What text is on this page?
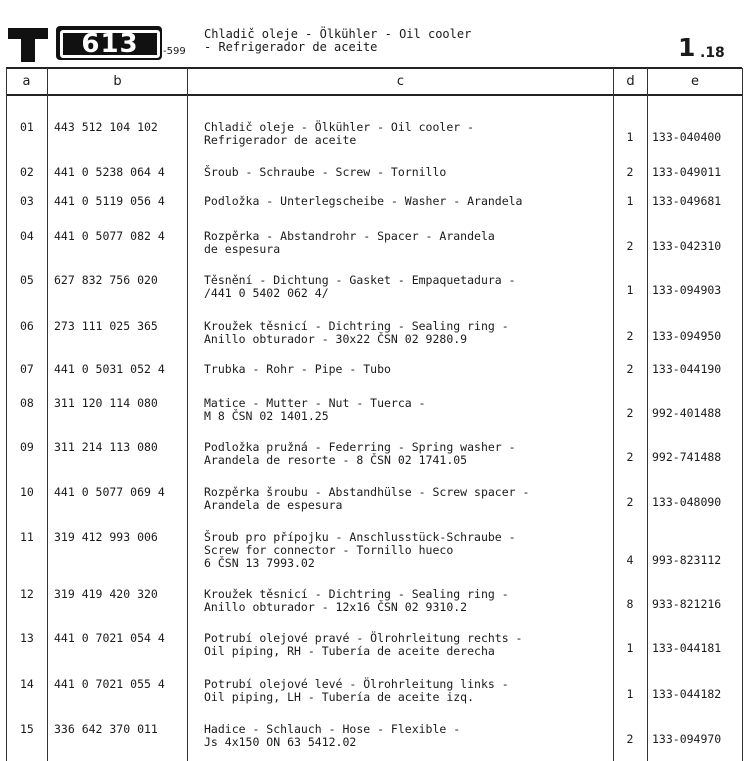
613	-599
Chladič oleje - Ölkühler - Oil cooler
- Refrigerador de aceite	1 .18
a	b	c	d	e
01 443 512 104 102	Chladič oleje - Ölkühler - Oil cooler -
Refrigerador de aceite	1	133-040400
02 441 0 5238 064 4	Šroub - Schraube - Screw - Tornillo	2	133-049011
03 441 0 5119 056 4	Podložka - Unterlegscheibe - Washer - Arandela	1	133-049681
04 441 0 5077 082 4	Rozpěrka - Abstandrohr - Spacer - Arandela
de espesura	2	133-042310
05 627 832 756 020	Těsnění - Dichtung - Gasket - Empaquetadura -
/441 0 5402 062 4/	1	133-094903
06 273 111 025 365	Kroužek těsnicí - Dichtring - Sealing ring -
Anillo obturador - 30x22 ČSN 02 9280.9	2	133-094950
07 441 0 5031 052 4	Trubka - Rohr - Pipe - Tubo	2	133-044190
08 311 120 114 080	Matice - Mutter - Nut - Tuerca -
M 8 ČSN 02 1401.25	2	992-401488
09 311 214 113 080	Podložka pružná - Federring - Spring washer -
Arandela de resorte - 8 ČSN 02 1741.05	2	992-741488
10 441 0 5077 069 4	Rozpěrka šroubu - Abstandhülse - Screw spacer -
Arandela de espesura	2	133-048090
11 319 412 993 006	Šroub pro přípojku - Anschlusstück-Schraube -
Screw for connector - Tornillo hueco
6 ČSN 13 7993.02	4	993-823112
12 319 419 420 320	Kroužek těsnicí - Dichtring - Sealing ring -
Anillo obturador - 12x16 ČSN 02 9310.2	8	933-821216
13 441 0 7021 054 4	Potrubí olejové pravé - Ölrohrleitung rechts -
Oil piping, RH - Tubería de aceite derecha	1	133-044181
14 441 0 7021 055 4	Potrubí olejové levé - Ölrohrleitung links -
Oil piping, LH - Tubería de aceite izq.	1	133-044182
15 336 642 370 011	Hadice - Schlauch - Hose - Flexible -
Js 4x150 ON 63 5412.02	2	133-094970
